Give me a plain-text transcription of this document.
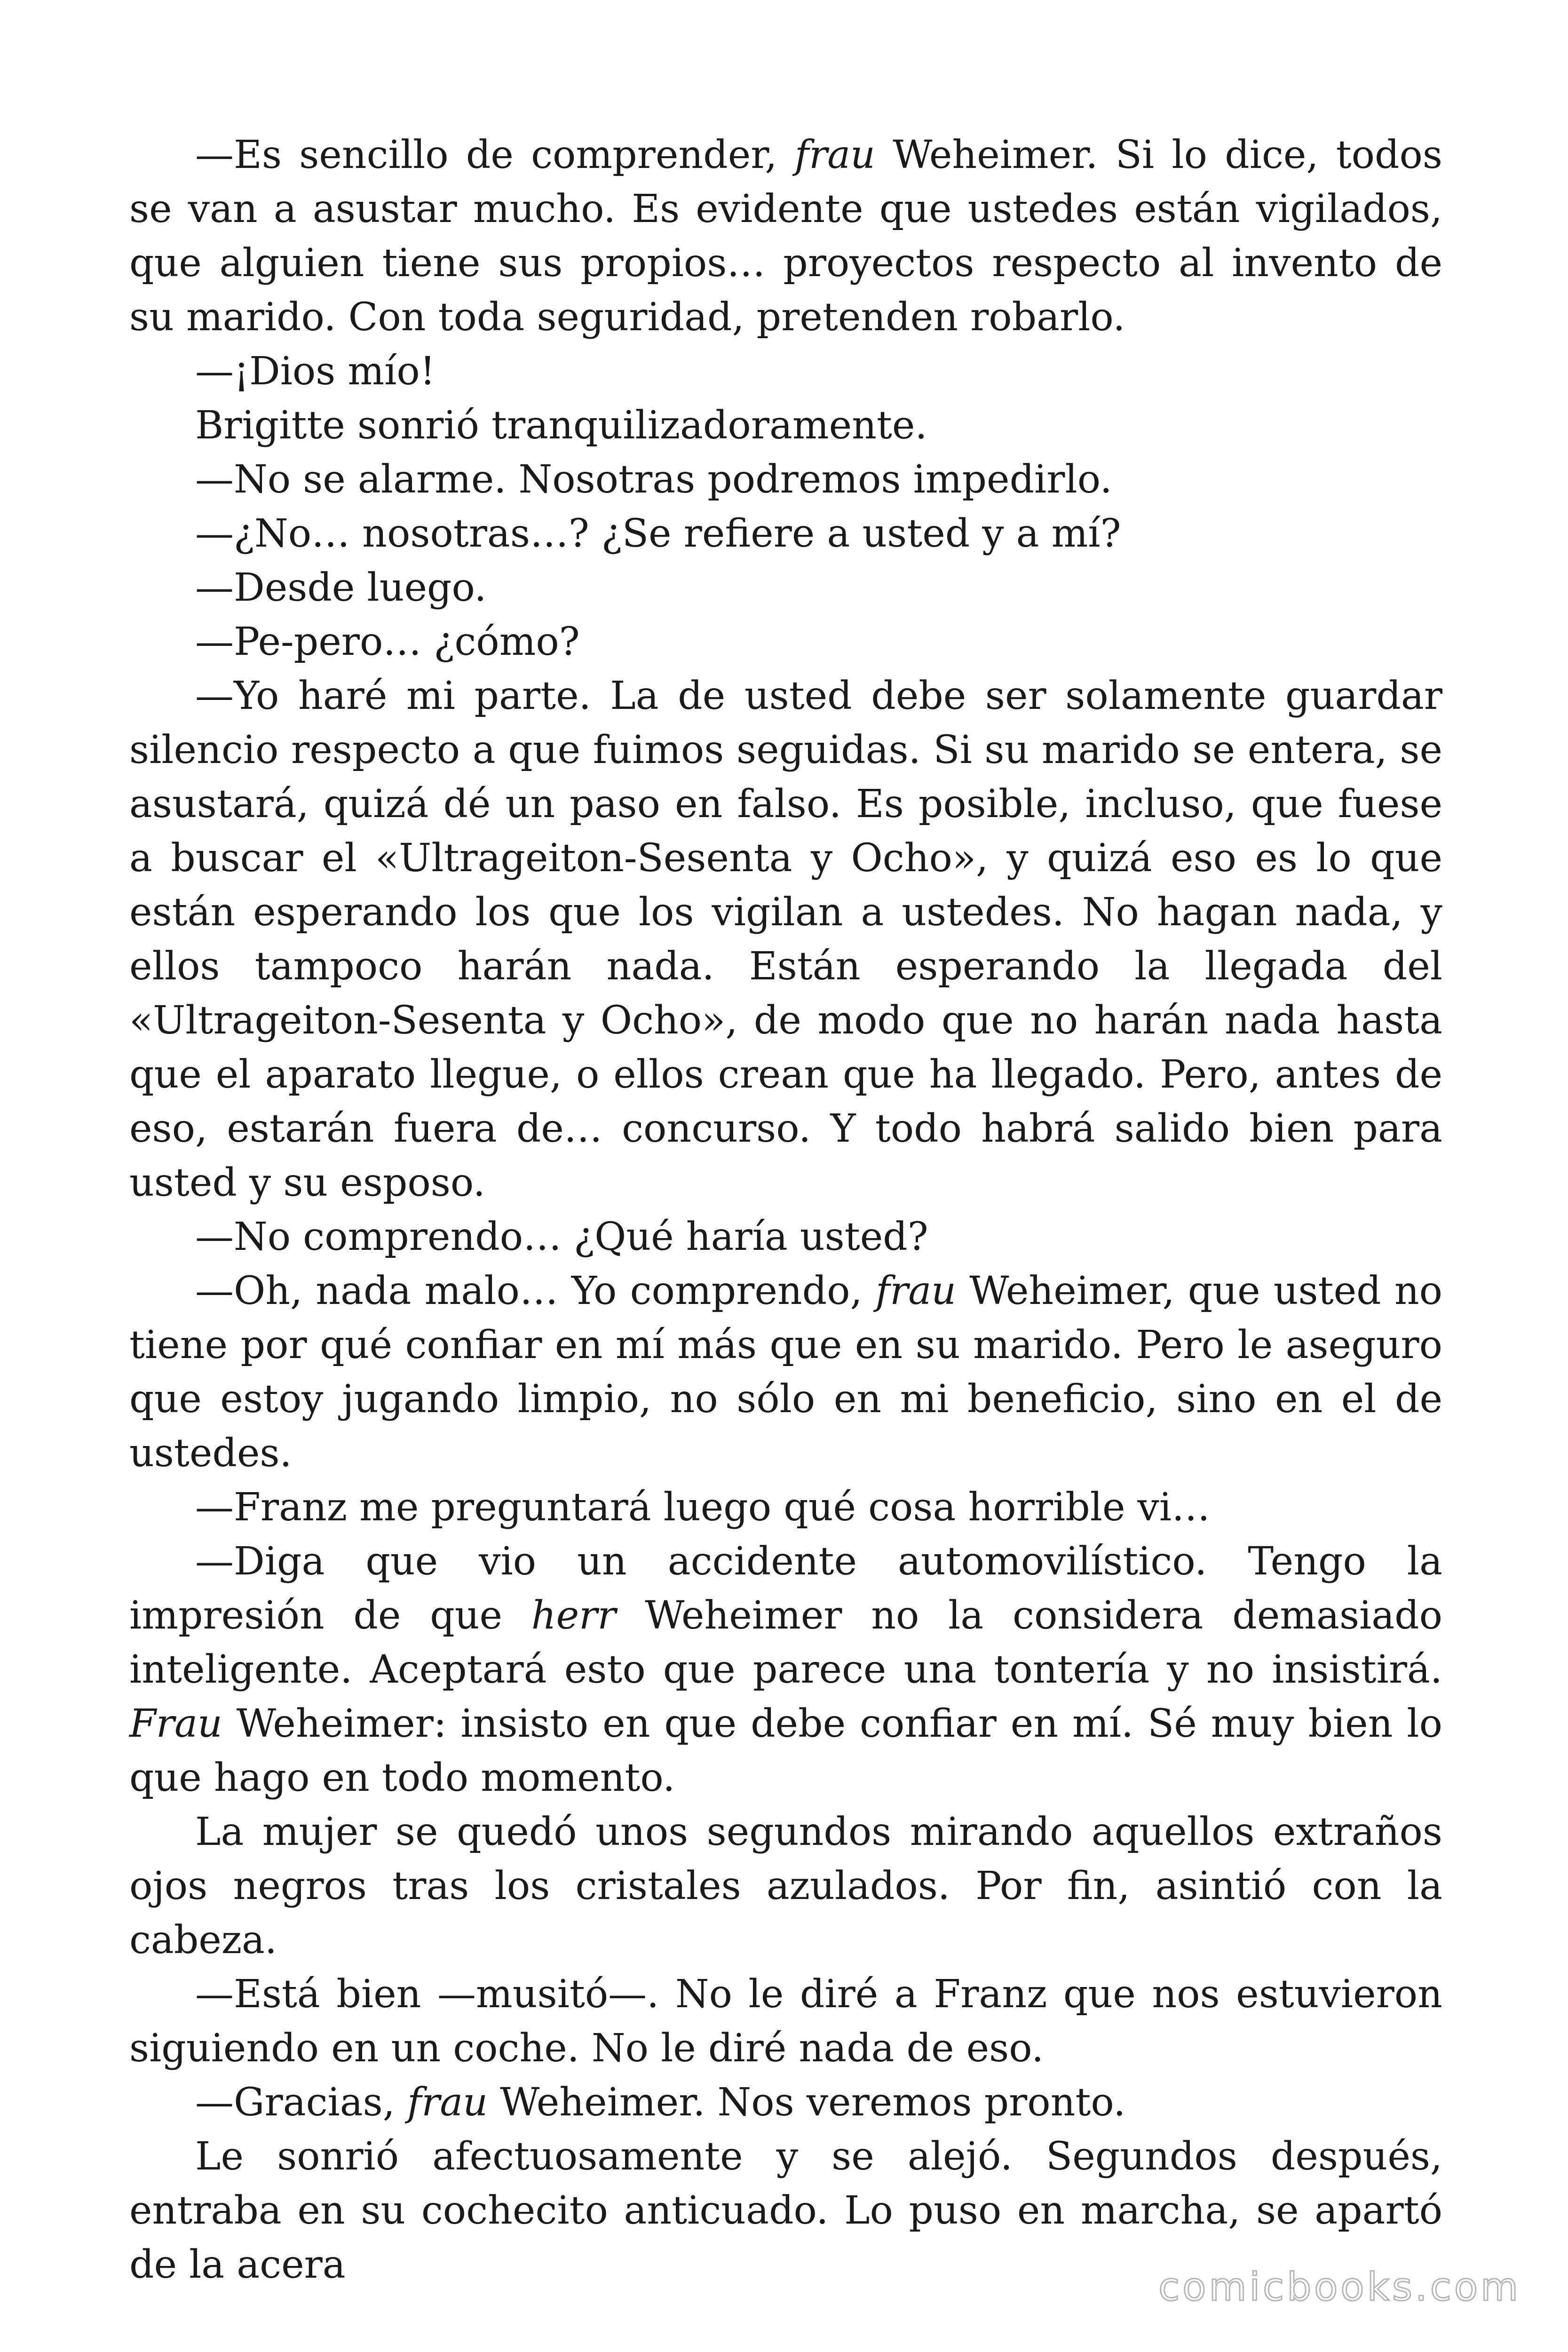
—Es sencillo de comprender, frau Weheimer. Si lo dice, todos se van a asustar mucho. Es evidente que ustedes están vigilados, que alguien tiene sus propios… proyectos respecto al invento de su marido. Con toda seguridad, pretenden robarlo.

—¡Dios mío!

Brigitte sonrió tranquilizadoramente.

—No se alarme. Nosotras podremos impedirlo.

—¿No… nosotras…? ¿Se refiere a usted y a mí?

—Desde luego.

—Pe-pero… ¿cómo?

—Yo haré mi parte. La de usted debe ser solamente guardar silencio respecto a que fuimos seguidas. Si su marido se entera, se asustará, quizá dé un paso en falso. Es posible, incluso, que fuese a buscar el «Ultrageiton-Sesenta y Ocho», y quizá eso es lo que están esperando los que los vigilan a ustedes. No hagan nada, y ellos tampoco harán nada. Están esperando la llegada del «Ultrageiton-Sesenta y Ocho», de modo que no harán nada hasta que el aparato llegue, o ellos crean que ha llegado. Pero, antes de eso, estarán fuera de… concurso. Y todo habrá salido bien para usted y su esposo.

—No comprendo… ¿Qué haría usted?

—Oh, nada malo… Yo comprendo, frau Weheimer, que usted no tiene por qué confiar en mí más que en su marido. Pero le aseguro que estoy jugando limpio, no sólo en mi beneficio, sino en el de ustedes.

—Franz me preguntará luego qué cosa horrible vi…

—Diga que vio un accidente automovilístico. Tengo la impresión de que herr Weheimer no la considera demasiado inteligente. Aceptará esto que parece una tontería y no insistirá. Frau Weheimer: insisto en que debe confiar en mí. Sé muy bien lo que hago en todo momento.

La mujer se quedó unos segundos mirando aquellos extraños ojos negros tras los cristales azulados. Por fin, asintió con la cabeza.

—Está bien —musitó—. No le diré a Franz que nos estuvieron siguiendo en un coche. No le diré nada de eso.

—Gracias, frau Weheimer. Nos veremos pronto.

Le sonrió afectuosamente y se alejó. Segundos después, entraba en su cochecito anticuado. Lo puso en marcha, se apartó de la acera

comicbooks.com
